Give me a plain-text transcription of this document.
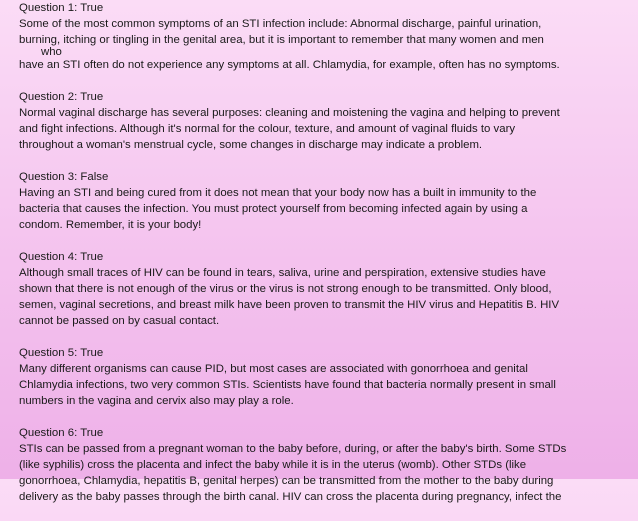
Question 1: True
Some of the most common symptoms of an STI infection include: Abnormal discharge, painful urination,
burning, itching or tingling in the genital area, but it is important to remember that many women and men
who
have an STI often do not experience any symptoms at all. Chlamydia, for example, often has no symptoms.
Question 2: True
Normal vaginal discharge has several purposes: cleaning and moistening the vagina and helping to prevent
and fight infections. Although it's normal for the colour, texture, and amount of vaginal fluids to vary
throughout a woman's menstrual cycle, some changes in discharge may indicate a problem.
Question 3: False
Having an STI and being cured from it does not mean that your body now has a built in immunity to the
bacteria that causes the infection. You must protect yourself from becoming infected again by using a
condom. Remember, it is your body!
Question 4: True
Although small traces of HIV can be found in tears, saliva, urine and perspiration, extensive studies have
shown that there is not enough of the virus or the virus is not strong enough to be transmitted. Only blood,
semen, vaginal secretions, and breast milk have been proven to transmit the HIV virus and Hepatitis B. HIV
cannot be passed on by casual contact.
Question 5: True
Many different organisms can cause PID, but most cases are associated with gonorrhoea and genital
Chlamydia infections, two very common STIs. Scientists have found that bacteria normally present in small
numbers in the vagina and cervix also may play a role.
Question 6: True
STIs can be passed from a pregnant woman to the baby before, during, or after the baby's birth. Some STDs
(like syphilis) cross the placenta and infect the baby while it is in the uterus (womb). Other STDs (like
gonorrhoea, Chlamydia, hepatitis B, genital herpes) can be transmitted from the mother to the baby during
delivery as the baby passes through the birth canal. HIV can cross the placenta during pregnancy, infect the
